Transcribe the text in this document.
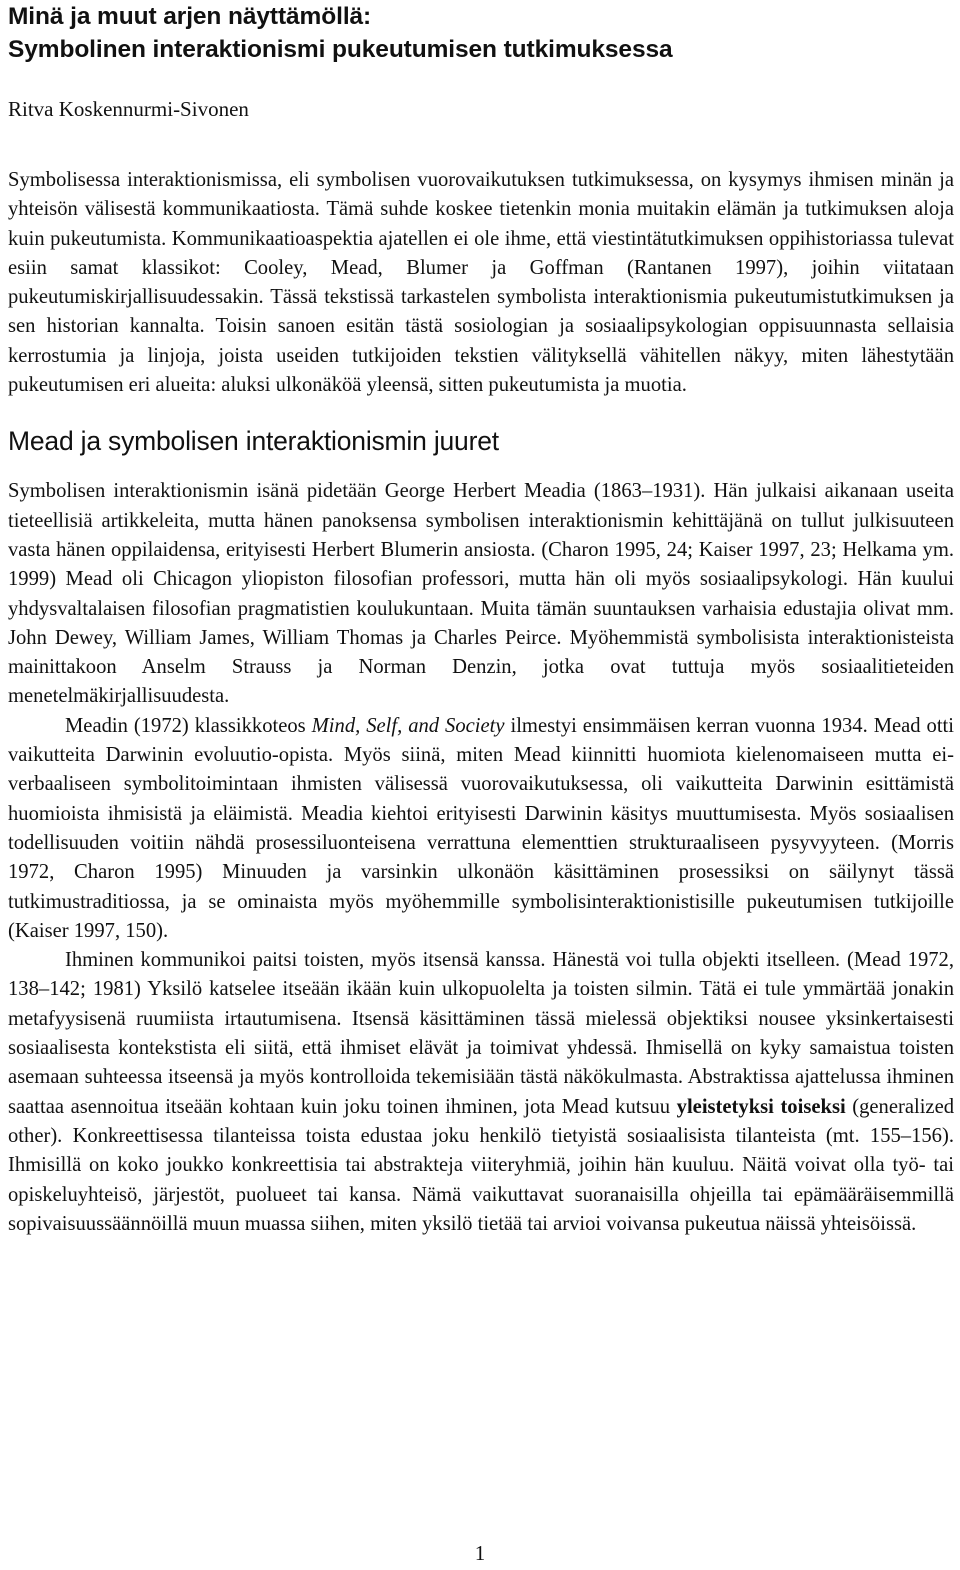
Minä ja muut arjen näyttämöllä:
Symbolinen interaktionismi pukeutumisen tutkimuksessa
Ritva Koskennurmi-Sivonen

Symbolisessa interaktionismissa, eli symbolisen vuorovaikutuksen tutkimuksessa, on kysymys ihmisen minän ja yhteisön välisestä kommunikaatiosta. Tämä suhde koskee tietenkin monia muitakin elämän ja tutkimuksen aloja kuin pukeutumista. Kommunikaatioaspektia ajatellen ei ole ihme, että viestintätutkimuksen oppihistoriassa tulevat esiin samat klassikot: Cooley, Mead, Blumer ja Goffman (Rantanen 1997), joihin viitataan pukeutumiskirjallisuudessakin. Tässä tekstissä tarkastelen symbolista interaktionismia pukeutumistutkimuksen ja sen historian kannalta. Toisin sanoen esitän tästä sosiologian ja sosiaalipsykologian oppisuunnasta sellaisia kerrostumia ja linjoja, joista useiden tutkijoiden tekstien välityksellä vähitellen näkyy, miten lähestytään pukeutumisen eri alueita: aluksi ulkonäköä yleensä, sitten pukeutumista ja muotia.

Mead ja symbolisen interaktionismin juuret

Symbolisen interaktionismin isänä pidetään George Herbert Meadia (1863–1931). Hän julkaisi aikanaan useita tieteellisiä artikkeleita, mutta hänen panoksensa symbolisen interaktionismin kehittäjänä on tullut julkisuuteen vasta hänen oppilaidensa, erityisesti Herbert Blumerin ansiosta. (Charon 1995, 24; Kaiser 1997, 23; Helkama ym. 1999) Mead oli Chicagon yliopiston filosofian professori, mutta hän oli myös sosiaalipsykologi. Hän kuului yhdysvaltalaisen filosofian pragmatistien koulukuntaan. Muita tämän suuntauksen varhaisia edustajia olivat mm. John Dewey, William James, William Thomas ja Charles Peirce. Myöhemmistä symbolisista interaktionisteista mainittakoon Anselm Strauss ja Norman Denzin, jotka ovat tuttuja myös sosiaalitieteiden menetelmäkirjallisuudesta.

Meadin (1972) klassikkoteos Mind, Self, and Society ilmestyi ensimmäisen kerran vuonna 1934. Mead otti vaikutteita Darwinin evoluutio-opista. Myös siinä, miten Mead kiinnitti huomiota kielenomaiseen mutta ei-verbaaliseen symbolitoimintaan ihmisten välisessä vuorovaikutuksessa, oli vaikutteita Darwinin esittämistä huomioista ihmisistä ja eläimistä. Meadia kiehtoi erityisesti Darwinin käsitys muuttumisesta. Myös sosiaalisen todellisuuden voitiin nähdä prosessiluonteisena verrattuna elementtien strukturaaliseen pysyvyyteen. (Morris 1972, Charon 1995) Minuuden ja varsinkin ulkonäön käsittäminen prosessiksi on säilynyt tässä tutkimustraditiossa, ja se ominaista myös myöhemmille symbolisinteraktionistisille pukeutumisen tutkijoille (Kaiser 1997, 150).

Ihminen kommunikoi paitsi toisten, myös itsensä kanssa. Hänestä voi tulla objekti itselleen. (Mead 1972, 138–142; 1981) Yksilö katselee itseään ikään kuin ulkopuolelta ja toisten silmin. Tätä ei tule ymmärtää jonakin metafyysisenä ruumiista irtautumisena. Itsensä käsittäminen tässä mielessä objektiksi nousee yksinkertaisesti sosiaalisesta kontekstista eli siitä, että ihmiset elävät ja toimivat yhdessä. Ihmisellä on kyky samaistua toisten asemaan suhteessa itseensä ja myös kontrolloida tekemisiään tästä näkökulmasta. Abstraktissa ajattelussa ihminen saattaa asennoitua itseään kohtaan kuin joku toinen ihminen, jota Mead kutsuu yleistetyksi toiseksi (generalized other). Konkreettisessa tilanteissa toista edustaa joku henkilö tietyistä sosiaalisista tilanteista (mt. 155–156). Ihmisillä on koko joukko konkreettisia tai abstrakteja viiteryhmiä, joihin hän kuuluu. Näitä voivat olla työ- tai opiskeluyhteisö, järjestöt, puolueet tai kansa. Nämä vaikuttavat suoranaisilla ohjeilla tai epämääräisemmillä sopivaisuussäännöillä muun muassa siihen, miten yksilö tietää tai arvioi voivansa pukeutua näissä yhteisöissä.

1
